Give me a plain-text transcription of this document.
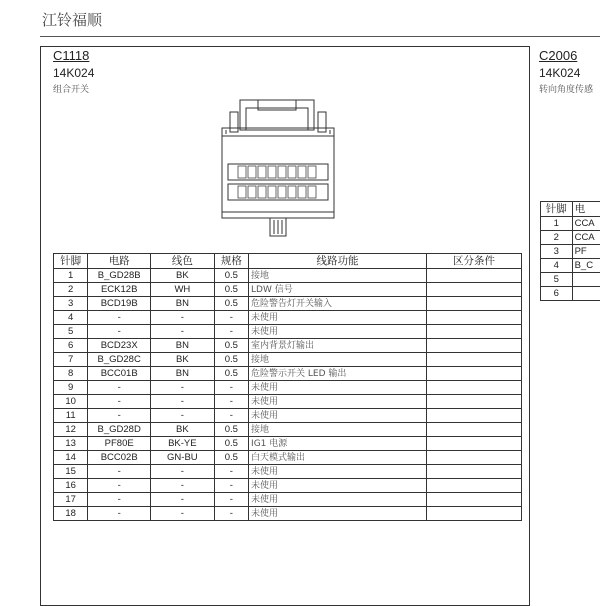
江铃福顺
C1118
14K024
组合开关
C2006
14K024
转向角度传感
针脚	电路	线色	规格	线路功能	区分条件
1	B_GD28B	BK	0.5	接地	
2	ECK12B	WH	0.5	LDW 信号	
3	BCD19B	BN	0.5	危险警告灯开关输入	
4	-	-	-	未使用	
5	-	-	-	未使用	
6	BCD23X	BN	0.5	室内背景灯输出	
7	B_GD28C	BK	0.5	接地	
8	BCC01B	BN	0.5	危险警示开关 LED 输出	
9	-	-	-	未使用	
10	-	-	-	未使用	
11	-	-	-	未使用	
12	B_GD28D	BK	0.5	接地	
13	PF80E	BK-YE	0.5	IG1 电源	
14	BCC02B	GN-BU	0.5	白天模式输出	
15	-	-	-	未使用	
16	-	-	-	未使用	
17	-	-	-	未使用	
18	-	-	-	未使用	
针脚	电
1	CCA
2	CCA
3	PF
4	B_C
5	
6	
